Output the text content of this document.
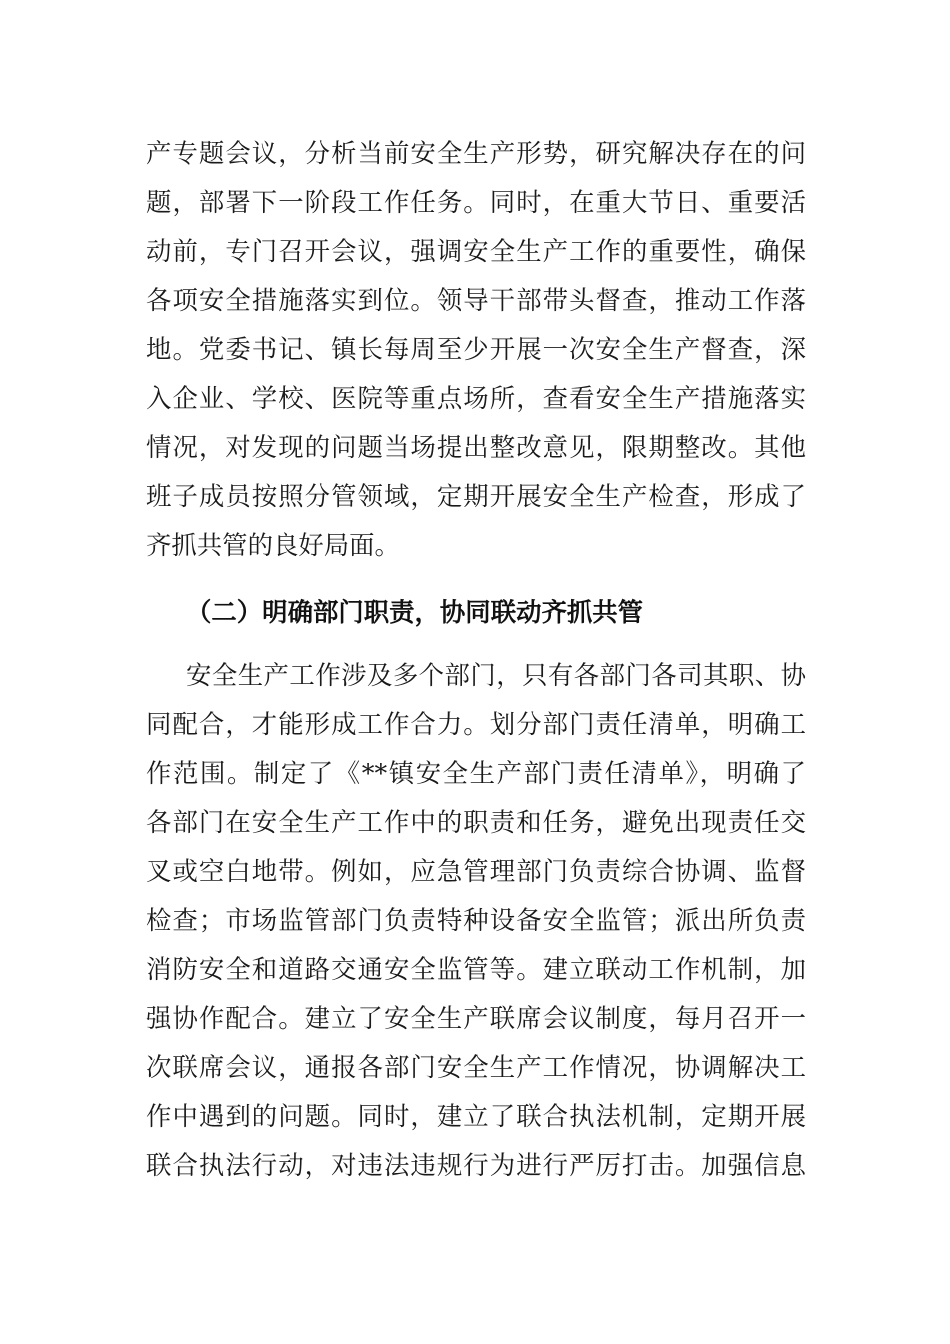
产专题会议，分析当前安全生产形势，研究解决存在的问
题，部署下一阶段工作任务。同时，在重大节日、重要活
动前，专门召开会议，强调安全生产工作的重要性，确保
各项安全措施落实到位。领导干部带头督查，推动工作落
地。党委书记、镇长每周至少开展一次安全生产督查，深
入企业、学校、医院等重点场所，查看安全生产措施落实
情况，对发现的问题当场提出整改意见，限期整改。其他
班子成员按照分管领域，定期开展安全生产检查，形成了
齐抓共管的良好局面。
（二）明确部门职责，协同联动齐抓共管
安全生产工作涉及多个部门，只有各部门各司其职、协
同配合，才能形成工作合力。划分部门责任清单，明确工
作范围。制定了《**镇安全生产部门责任清单》，明确了
各部门在安全生产工作中的职责和任务，避免出现责任交
叉或空白地带。例如，应急管理部门负责综合协调、监督
检查；市场监管部门负责特种设备安全监管；派出所负责
消防安全和道路交通安全监管等。建立联动工作机制，加
强协作配合。建立了安全生产联席会议制度，每月召开一
次联席会议，通报各部门安全生产工作情况，协调解决工
作中遇到的问题。同时，建立了联合执法机制，定期开展
联合执法行动，对违法违规行为进行严厉打击。加强信息
